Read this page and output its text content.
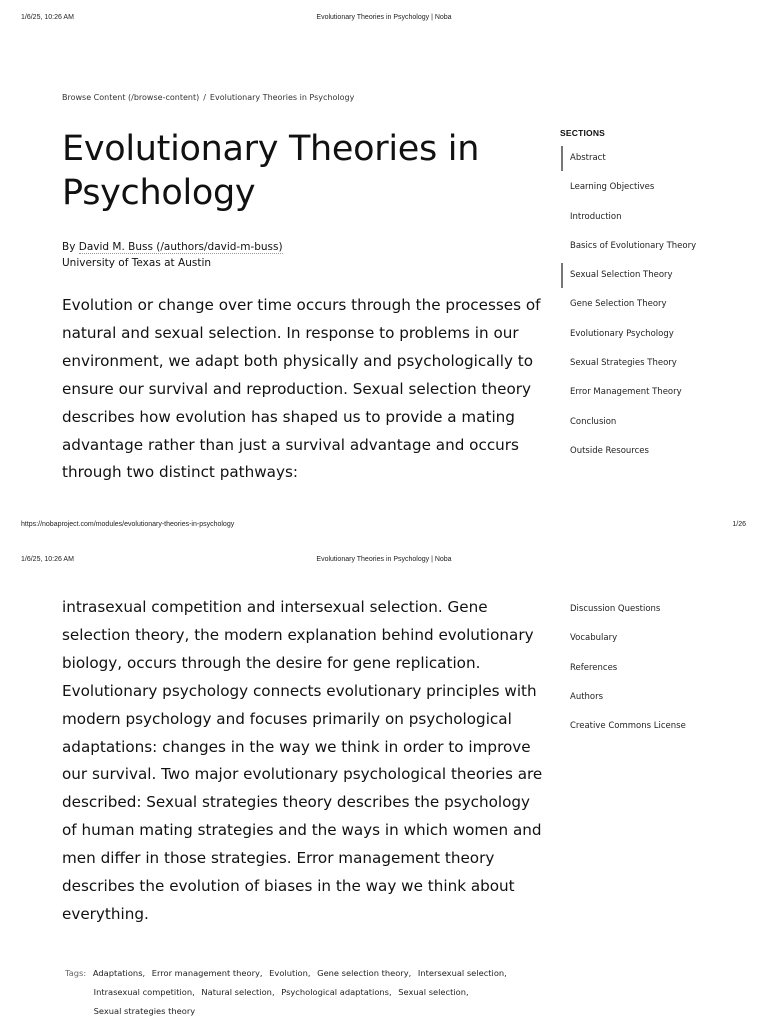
1/6/25, 10:26 AM	Evolutionary Theories in Psychology | Noba
Browse Content (/browse-content) / Evolutionary Theories in Psychology
Evolutionary Theories in Psychology
By David M. Buss (/authors/david-m-buss)
University of Texas at Austin

Evolution or change over time occurs through the processes of natural and sexual selection. In response to problems in our environment, we adapt both physically and psychologically to ensure our survival and reproduction. Sexual selection theory describes how evolution has shaped us to provide a mating advantage rather than just a survival advantage and occurs through two distinct pathways:

SECTIONS
Abstract
Learning Objectives
Introduction
Basics of Evolutionary Theory
Sexual Selection Theory
Gene Selection Theory
Evolutionary Psychology
Sexual Strategies Theory
Error Management Theory
Conclusion
Outside Resources
https://nobaproject.com/modules/evolutionary-theories-in-psychology	1/26
1/6/25, 10:26 AM	Evolutionary Theories in Psychology | Noba

intrasexual competition and intersexual selection. Gene selection theory, the modern explanation behind evolutionary biology, occurs through the desire for gene replication. Evolutionary psychology connects evolutionary principles with modern psychology and focuses primarily on psychological adaptations: changes in the way we think in order to improve our survival. Two major evolutionary psychological theories are described: Sexual strategies theory describes the psychology of human mating strategies and the ways in which women and men differ in those strategies. Error management theory describes the evolution of biases in the way we think about everything.

Discussion Questions
Vocabulary
References
Authors
Creative Commons License
Tags: Adaptations, Error management theory, Evolution, Gene selection theory, Intersexual selection,
Intrasexual competition, Natural selection, Psychological adaptations, Sexual selection,
Sexual strategies theory
